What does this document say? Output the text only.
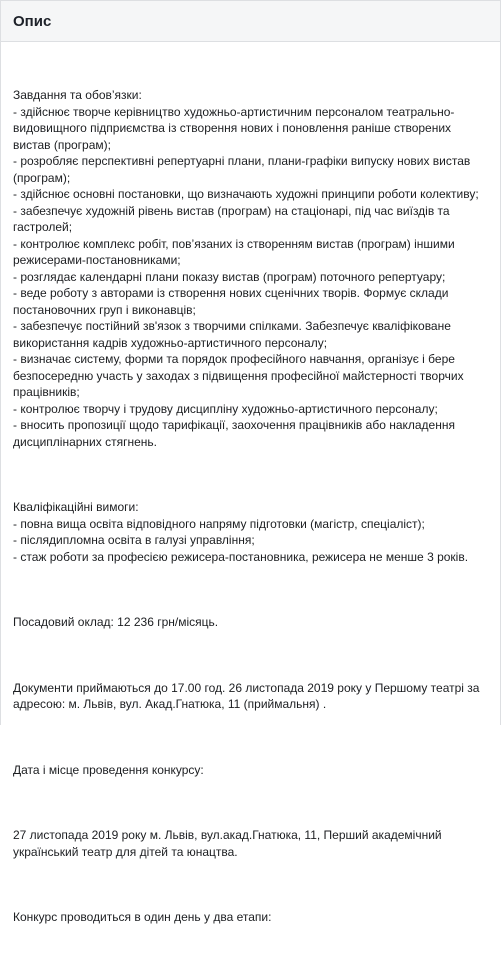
Опис

Завдання та обов’язки:
- здійснює творче керівництво художньо-артистичним персоналом театрально-видовищного підприємства із створення нових і поновлення раніше створених вистав (програм);
- розробляє перспективні репертуарні плани, плани-графіки випуску нових вистав (програм);
- здійснює основні постановки, що визначають художні принципи роботи колективу;
- забезпечує художній рівень вистав (програм) на стаціонарі, під час виїздів та гастролей;
- контролює комплекс робіт, пов’язаних із створенням вистав (програм) іншими режисерами-постановниками;
- розглядає календарні плани показу вистав (програм) поточного репертуару;
- веде роботу з авторами із створення нових сценічних творів. Формує склади постановочних груп і виконавців;
- забезпечує постійний зв'язок з творчими спілками. Забезпечує кваліфіковане використання кадрів художньо-артистичного персоналу;
- визначає систему, форми та порядок професійного навчання, організує і бере безпосередню участь у заходах з підвищення професійної майстерності творчих працівників;
- контролює творчу і трудову дисципліну художньо-артистичного персоналу;
- вносить пропозиції щодо тарифікації, заохочення працівників або накладення дисциплінарних стягнень.

Кваліфікаційні вимоги:
- повна вища освіта відповідного напряму підготовки (магістр, спеціаліст);
- післядипломна освіта в галузі управління;
- стаж роботи за професією режисера-постановника, режисера не менше 3 років.

Посадовий оклад: 12 236 грн/місяць.

Документи приймаються до 17.00 год. 26 листопада 2019 року у Першому театрі за адресою: м. Львів, вул. Акад.Гнатюка, 11 (приймальня) .

Дата і місце проведення конкурсу:

27 листопада 2019 року м. Львів, вул.акад.Гнатюка, 11, Перший академічний український театр для дітей та юнацтва.

Конкурс проводиться в один день у два етапи:
